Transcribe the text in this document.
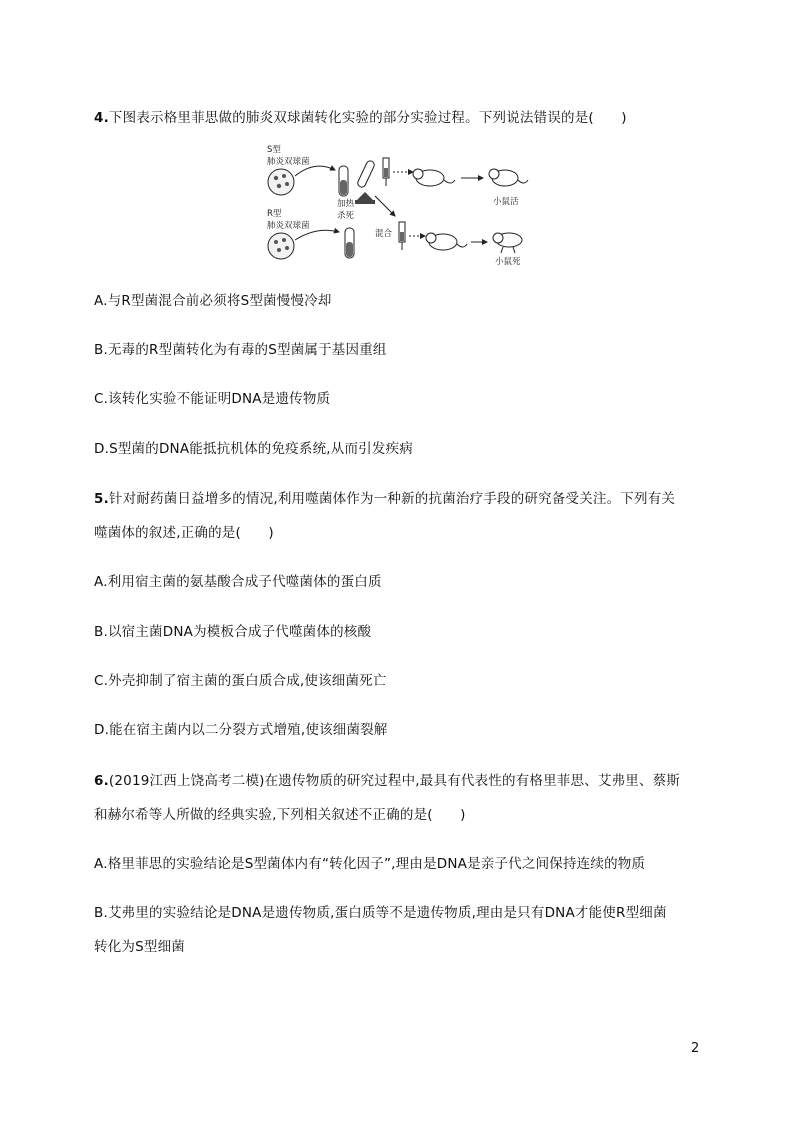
4.下图表示格里菲思做的肺炎双球菌转化实验的部分实验过程。下列说法错误的是(　　)
S型
肺炎双球菌
加热
杀死
小鼠活
R型
肺炎双球菌
混合
小鼠死
A.与R型菌混合前必须将S型菌慢慢冷却
B.无毒的R型菌转化为有毒的S型菌属于基因重组
C.该转化实验不能证明DNA是遗传物质
D.S型菌的DNA能抵抗机体的免疫系统,从而引发疾病
5.针对耐药菌日益增多的情况,利用噬菌体作为一种新的抗菌治疗手段的研究备受关注。下列有关
噬菌体的叙述,正确的是(　　)
A.利用宿主菌的氨基酸合成子代噬菌体的蛋白质
B.以宿主菌DNA为模板合成子代噬菌体的核酸
C.外壳抑制了宿主菌的蛋白质合成,使该细菌死亡
D.能在宿主菌内以二分裂方式增殖,使该细菌裂解
6.(2019江西上饶高考二模)在遗传物质的研究过程中,最具有代表性的有格里菲思、艾弗里、蔡斯
和赫尔希等人所做的经典实验,下列相关叙述不正确的是(　　)
A.格里菲思的实验结论是S型菌体内有“转化因子”,理由是DNA是亲子代之间保持连续的物质
B.艾弗里的实验结论是DNA是遗传物质,蛋白质等不是遗传物质,理由是只有DNA才能使R型细菌
转化为S型细菌
2
